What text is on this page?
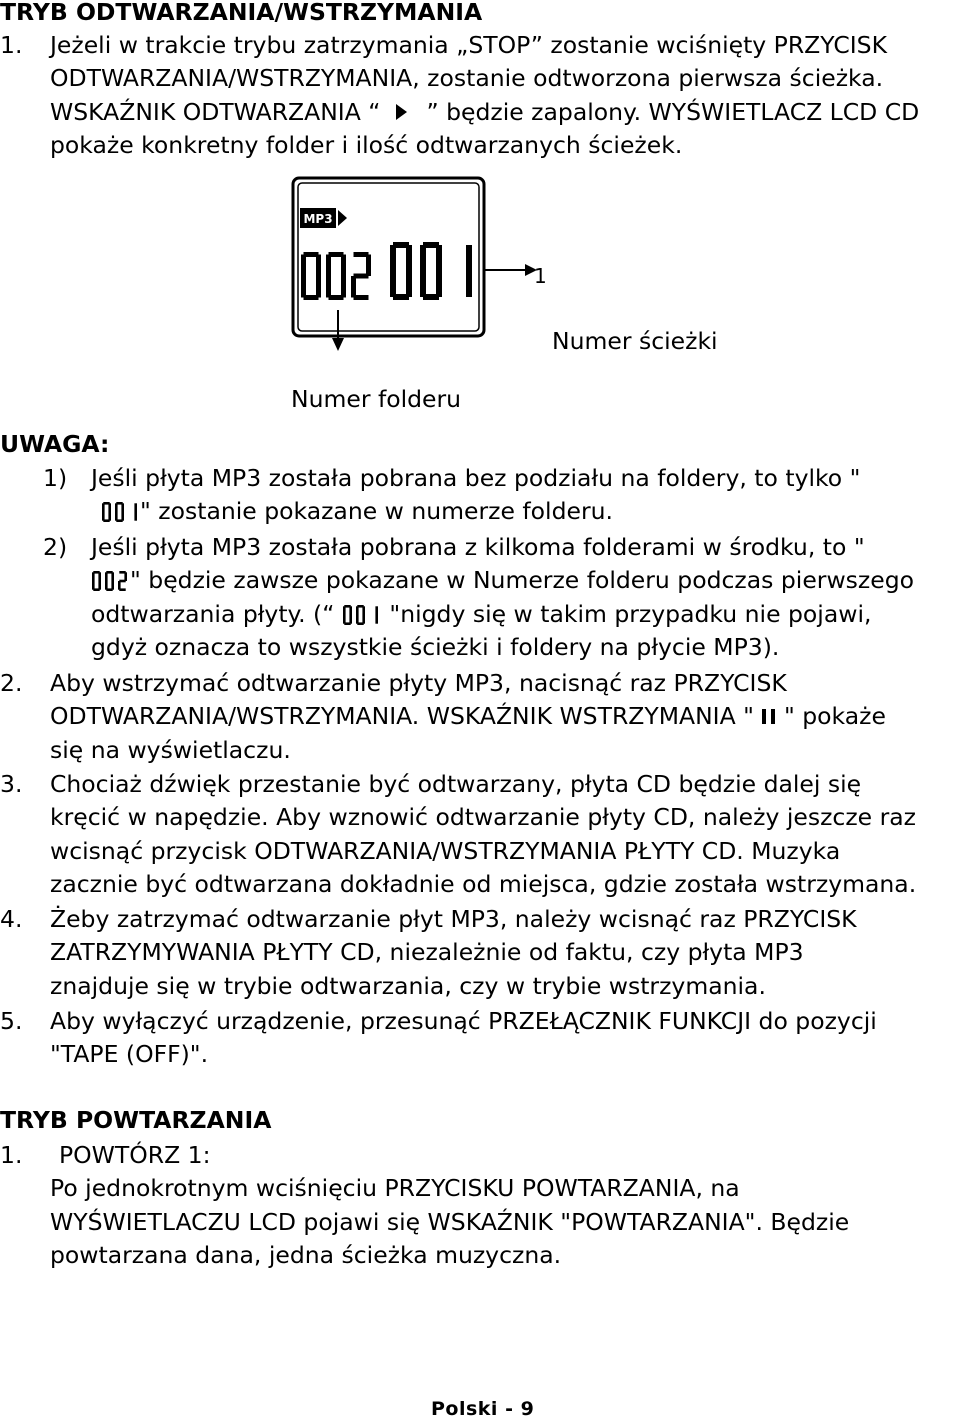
TRYB ODTWARZANIA/WSTRZYMANIA
1. Jeżeli w trakcie trybu zatrzymania „STOP” zostanie wciśnięty PRZYCISK
ODTWARZANIA/WSTRZYMANIA, zostanie odtworzona pierwsza ścieżka.
WSKAŹNIK ODTWARZANIA “ ” będzie zapalony. WYŚWIETLACZ LCD CD
pokaże konkretny folder i ilość odtwarzanych ścieżek.
MP3
1
Numer ścieżki
Numer folderu
UWAGA:
1) Jeśli płyta MP3 została pobrana bez podziału na foldery, to tylko "
" zostanie pokazane w numerze folderu.
2) Jeśli płyta MP3 została pobrana z kilkoma folderami w środku, to "
" będzie zawsze pokazane w Numerze folderu podczas pierwszego
odtwarzania płyty. (“ "nigdy się w takim przypadku nie pojawi,
gdyż oznacza to wszystkie ścieżki i foldery na płycie MP3).
2. Aby wstrzymać odtwarzanie płyty MP3, nacisnąć raz PRZYCISK
ODTWARZANIA/WSTRZYMANIA. WSKAŹNIK WSTRZYMANIA " " pokaże
się na wyświetlaczu.
3. Chociaż dźwięk przestanie być odtwarzany, płyta CD będzie dalej się
kręcić w napędzie. Aby wznowić odtwarzanie płyty CD, należy jeszcze raz
wcisnąć przycisk ODTWARZANIA/WSTRZYMANIA PŁYTY CD. Muzyka
zacznie być odtwarzana dokładnie od miejsca, gdzie została wstrzymana.
4. Żeby zatrzymać odtwarzanie płyt MP3, należy wcisnąć raz PRZYCISK
ZATRZYMYWANIA PŁYTY CD, niezależnie od faktu, czy płyta MP3
znajduje się w trybie odtwarzania, czy w trybie wstrzymania.
5. Aby wyłączyć urządzenie, przesunąć PRZEŁĄCZNIK FUNKCJI do pozycji
"TAPE (OFF)".
TRYB POWTARZANIA
1. POWTÓRZ 1:
Po jednokrotnym wciśnięciu PRZYCISKU POWTARZANIA, na
WYŚWIETLACZU LCD pojawi się WSKAŹNIK "POWTARZANIA". Będzie
powtarzana dana, jedna ścieżka muzyczna.
Polski - 9
